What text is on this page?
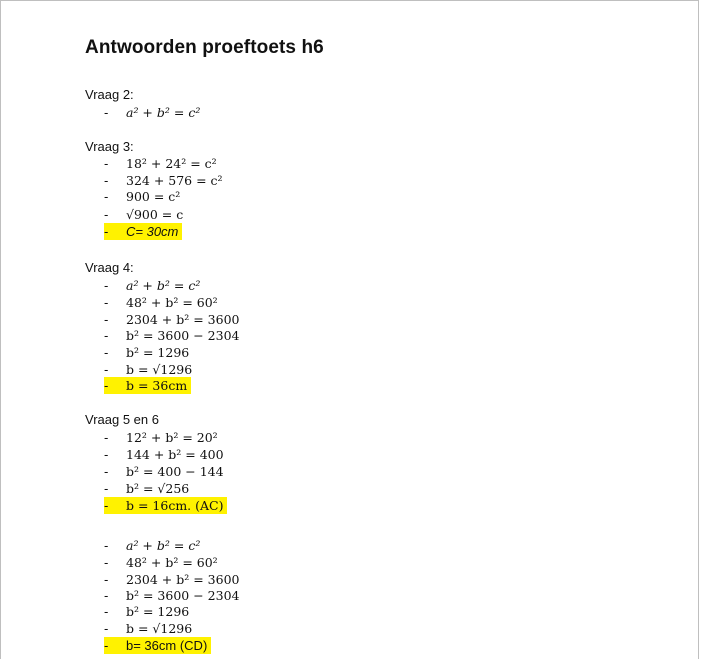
Antwoorden proeftoets h6
Vraag 2:
- a² + b² = c²
Vraag 3:
- 18² + 24² = c²
- 324 + 576 = c²
- 900 = c²
- √900 = c
- C= 30cm
Vraag 4:
- a² + b² = c²
- 48² + b² = 60²
- 2304 + b² = 3600
- b² = 3600 − 2304
- b² = 1296
- b = √1296
- b = 36cm
Vraag 5 en 6
- 12² + b² = 20²
- 144 + b² = 400
- b² = 400 − 144
- b² = √256
- b = 16cm. (AC)
- a² + b² = c²
- 48² + b² = 60²
- 2304 + b² = 3600
- b² = 3600 − 2304
- b² = 1296
- b = √1296
- b= 36cm (CD)
